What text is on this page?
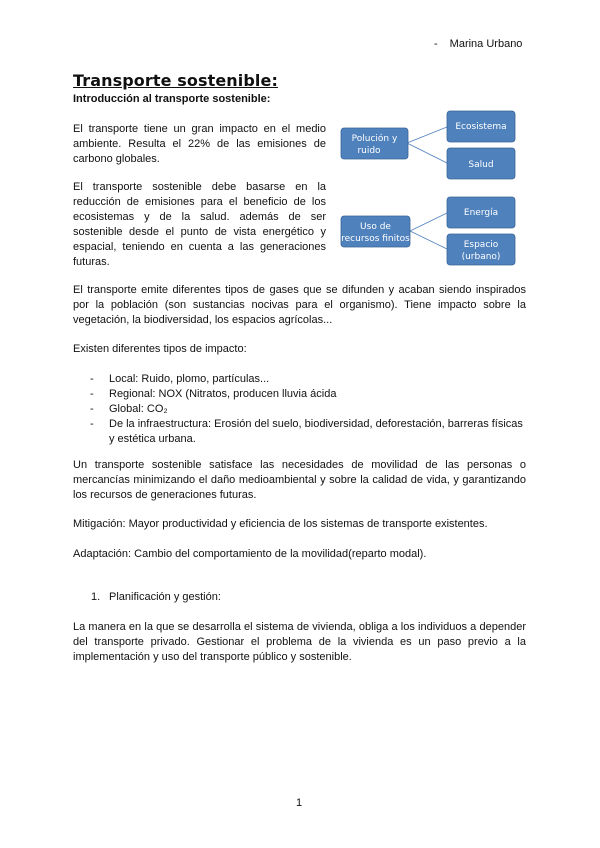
- Marina Urbano
Transporte sostenible:
Introducción al transporte sostenible:
El transporte tiene un gran impacto en el medio ambiente. Resulta el 22% de las emisiones de carbono globales.
El transporte sostenible debe basarse en la reducción de emisiones para el beneficio de los ecosistemas y de la salud. además de ser sostenible desde el punto de vista energético y espacial, teniendo en cuenta a las generaciones futuras.
Polución y
ruido
Ecosistema
Salud
Uso de
recursos finitos
Energía
Espacio
(urbano)
El transporte emite diferentes tipos de gases que se difunden y acaban siendo inspirados por la población (son sustancias nocivas para el organismo). Tiene impacto sobre la vegetación, la biodiversidad, los espacios agrícolas...
Existen diferentes tipos de impacto:
- Local: Ruido, plomo, partículas...
- Regional: NOX (Nitratos, producen lluvia ácida
- Global: CO₂
- De la infraestructura: Erosión del suelo, biodiversidad, deforestación, barreras físicas y estética urbana.
Un transporte sostenible satisface las necesidades de movilidad de las personas o mercancías minimizando el daño medioambiental y sobre la calidad de vida, y garantizando los recursos de generaciones futuras.
Mitigación: Mayor productividad y eficiencia de los sistemas de transporte existentes.
Adaptación: Cambio del comportamiento de la movilidad(reparto modal).
1. Planificación y gestión:
La manera en la que se desarrolla el sistema de vivienda, obliga a los individuos a depender del transporte privado. Gestionar el problema de la vivienda es un paso previo a la implementación y uso del transporte público y sostenible.
1
